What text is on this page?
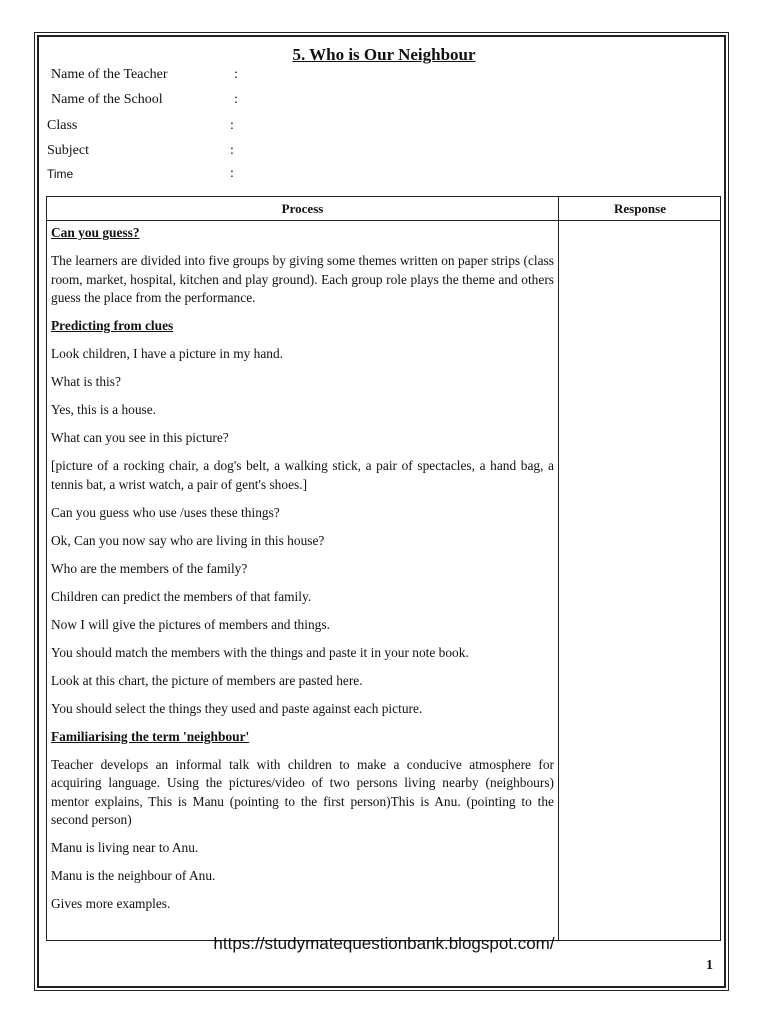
5. Who is Our Neighbour
Name of the Teacher	:
Name of the School	:
Class	:
Subject	:
Time	:
Process	Response

Can you guess?

The learners are divided into five groups by giving some themes written on paper strips (class room, market, hospital, kitchen and play ground). Each group role plays the theme and others guess the place from the performance.

Predicting from clues

Look children, I have a picture in my hand.

What is this?

Yes, this is a house.

What can you see in this picture?

[picture of a rocking chair, a dog's belt, a walking stick, a pair of spectacles, a hand bag, a tennis bat, a wrist watch, a pair of gent's shoes.]

Can you guess who use /uses these things?

Ok, Can you now say who are living in this house?

Who are the members of the family?

Children can predict the members of that family.

Now I will give the pictures of members and things.

You should match the members with the things and paste it in your note book.

Look at this chart, the picture of members are pasted here.

You should select the things they used and paste against each picture.

Familiarising the term 'neighbour'

Teacher develops an informal talk with children to make a conducive atmosphere for acquiring language. Using the pictures/video of two persons living nearby (neighbours) mentor explains, This is Manu (pointing to the first person)This is Anu. (pointing to the second person)

Manu is living near to Anu.

Manu is the neighbour of Anu.

Gives more examples.

https://studymatequestionbank.blogspot.com/
1
